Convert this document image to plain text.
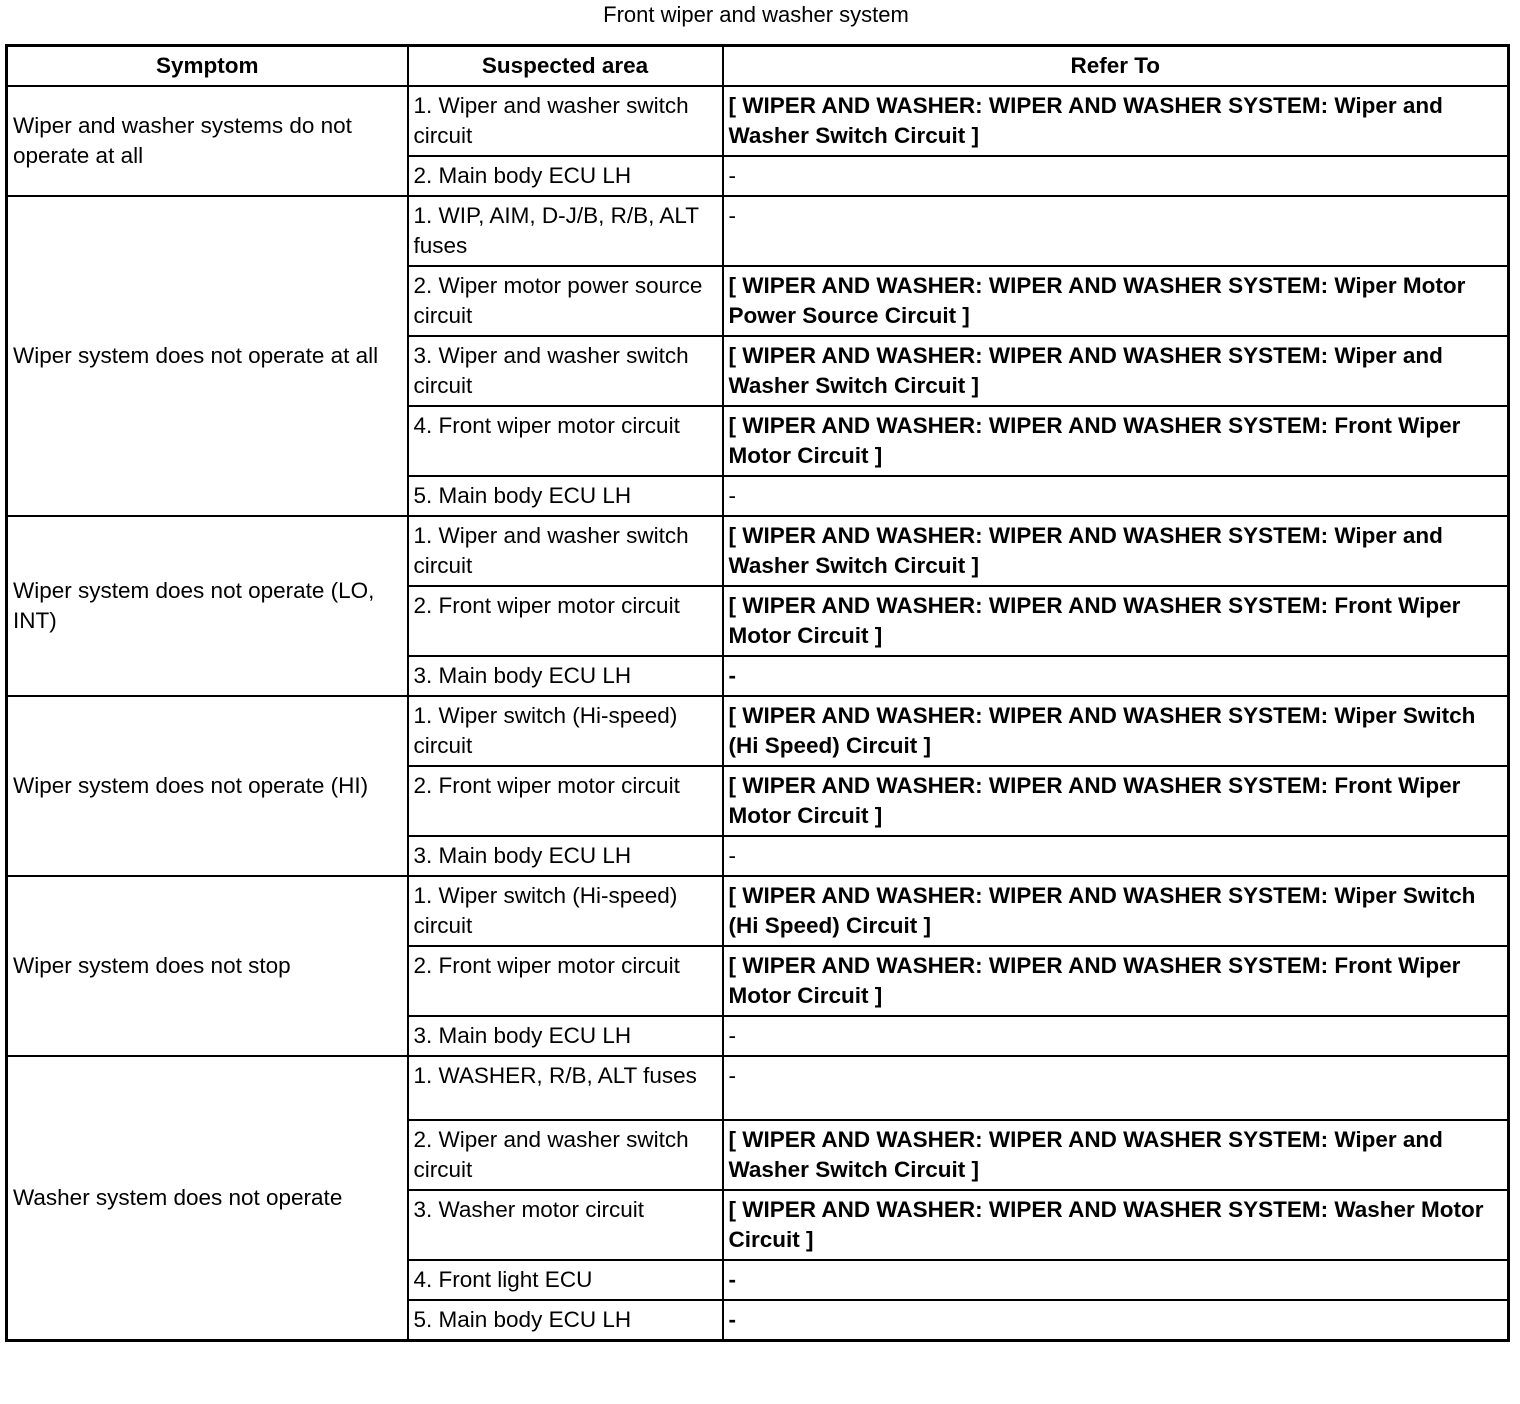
Front wiper and washer system
Symptom	Suspected area	Refer To
Wiper and washer systems do not operate at all	1. Wiper and washer switch circuit	[ WIPER AND WASHER: WIPER AND WASHER SYSTEM: Wiper and Washer Switch Circuit ]
	2. Main body ECU LH	-
Wiper system does not operate at all	1. WIP, AIM, D-J/B, R/B, ALT fuses	-
	2. Wiper motor power source circuit	[ WIPER AND WASHER: WIPER AND WASHER SYSTEM: Wiper Motor Power Source Circuit ]
	3. Wiper and washer switch circuit	[ WIPER AND WASHER: WIPER AND WASHER SYSTEM: Wiper and Washer Switch Circuit ]
	4. Front wiper motor circuit	[ WIPER AND WASHER: WIPER AND WASHER SYSTEM: Front Wiper Motor Circuit ]
	5. Main body ECU LH	-
Wiper system does not operate (LO, INT)	1. Wiper and washer switch circuit	[ WIPER AND WASHER: WIPER AND WASHER SYSTEM: Wiper and Washer Switch Circuit ]
	2. Front wiper motor circuit	[ WIPER AND WASHER: WIPER AND WASHER SYSTEM: Front Wiper Motor Circuit ]
	3. Main body ECU LH	-
Wiper system does not operate (HI)	1. Wiper switch (Hi-speed) circuit	[ WIPER AND WASHER: WIPER AND WASHER SYSTEM: Wiper Switch (Hi Speed) Circuit ]
	2. Front wiper motor circuit	[ WIPER AND WASHER: WIPER AND WASHER SYSTEM: Front Wiper Motor Circuit ]
	3. Main body ECU LH	-
Wiper system does not stop	1. Wiper switch (Hi-speed) circuit	[ WIPER AND WASHER: WIPER AND WASHER SYSTEM: Wiper Switch (Hi Speed) Circuit ]
	2. Front wiper motor circuit	[ WIPER AND WASHER: WIPER AND WASHER SYSTEM: Front Wiper Motor Circuit ]
	3. Main body ECU LH	-
Washer system does not operate	1. WASHER, R/B, ALT fuses	-
	2. Wiper and washer switch circuit	[ WIPER AND WASHER: WIPER AND WASHER SYSTEM: Wiper and Washer Switch Circuit ]
	3. Washer motor circuit	[ WIPER AND WASHER: WIPER AND WASHER SYSTEM: Washer Motor Circuit ]
	4. Front light ECU	-
	5. Main body ECU LH	-
